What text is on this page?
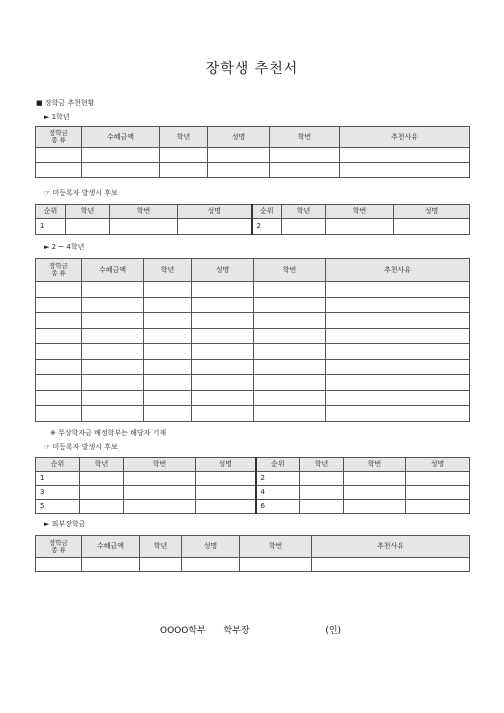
장학생 추천서
■ 장학금 추천현황
► 1학년
장학금
종 류	수혜금액	학년	성명	학번	추천사유

☞ 미등록자 발생시 후보
순위	학년	학번	성명	순위	학년	학번	성명
1				2			
► 2 ~ 4학년
장학금
종 류	수혜금액	학년	성명	학번	추천사유

※ 무상학자금 배정학부는 해당자 기재
☞ 미등록자 발생시 후보
순위	학년	학번	성명	순위	학년	학번	성명
1				2			
3				4			
5				6			
► 외부장학금
장학금
종 류	수혜금액	학년	성명	학번	추천사유

OOOO학부 학부장	(인)
